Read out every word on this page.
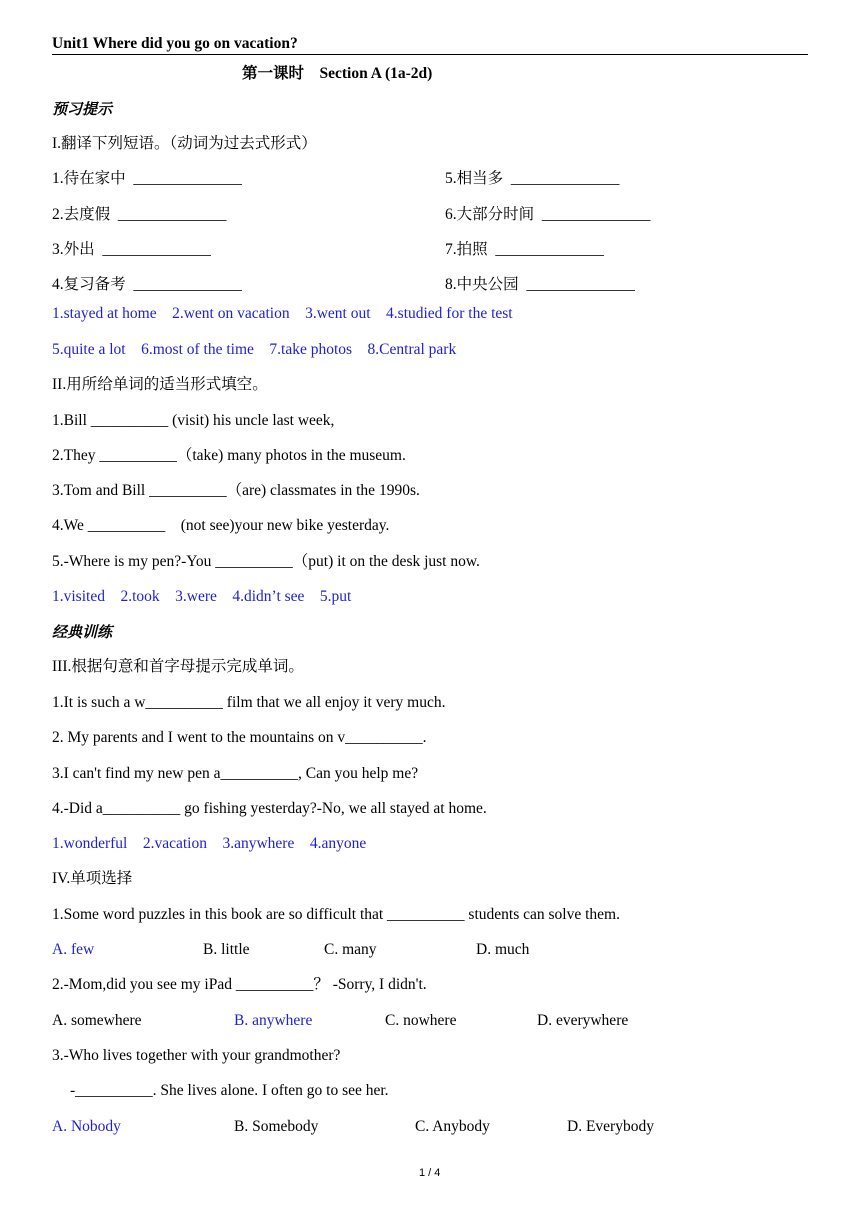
Unit1 Where did you go on vacation?
第一课时    Section A (1a-2d)
预习提示
I.翻译下列短语。（动词为过去式形式）
1.待在家中  ______________	5.相当多  ______________
2.去度假  ______________	6.大部分时间  ______________
3.外出  ______________	7.拍照  ______________
4.复习备考  ______________	8.中央公园  ______________
1.stayed at home    2.went on vacation    3.went out    4.studied for the test
5.quite a lot    6.most of the time    7.take photos    8.Central park
II.用所给单词的适当形式填空。
1.Bill __________ (visit) his uncle last week,
2.They __________（take) many photos in the museum.
3.Tom and Bill __________（are) classmates in the 1990s.
4.We __________    (not see)your new bike yesterday.
5.-Where is my pen?-You __________（put) it on the desk just now.
1.visited    2.took    3.were    4.didn’t see    5.put
经典训练
III.根据句意和首字母提示完成单词。
1.It is such a w__________ film that we all enjoy it very much.
2. My parents and I went to the mountains on v__________.
3.I can't find my new pen a__________, Can you help me?
4.-Did a__________ go fishing yesterday?-No, we all stayed at home.
1.wonderful    2.vacation    3.anywhere    4.anyone
IV.单项选择
1.Some word puzzles in this book are so difficult that __________ students can solve them.
A. few	B. little	C. many	D. much
2.-Mom,did you see my iPad __________？ -Sorry, I didn't.
A. somewhere	B. anywhere	C. nowhere	D. everywhere
3.-Who lives together with your grandmother?
-__________. She lives alone. I often go to see her.
A. Nobody	B. Somebody	C. Anybody	D. Everybody
1 / 4
